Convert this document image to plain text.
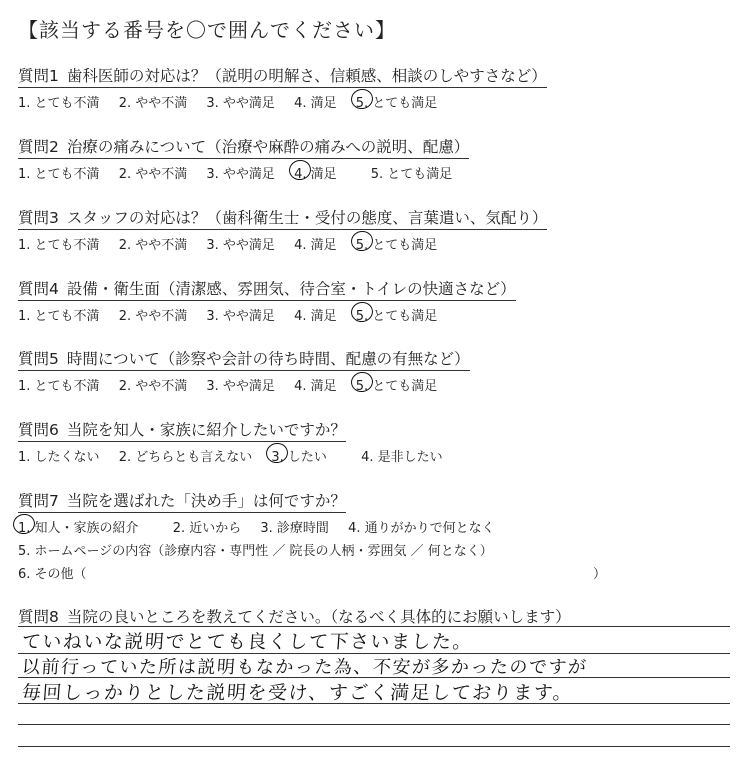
【該当する番号を〇で囲んでください】
質問1 歯科医師の対応は？（説明の明解さ、信頼感、相談のしやすさなど）
1. とても不満 2. やや不満 3. やや満足 4. 満足 5. とても満足
質問2 治療の痛みについて（治療や麻酔の痛みへの説明、配慮）
1. とても不満 2. やや不満 3. やや満足 4. 満足	5. とても満足
質問3 スタッフの対応は？（歯科衛生士・受付の態度、言葉遣い、気配り）
1. とても不満 2. やや不満 3. やや満足 4. 満足 5. とても満足
質問4 設備・衛生面（清潔感、雰囲気、待合室・トイレの快適さなど）
1. とても不満 2. やや不満 3. やや満足 4. 満足 5. とても満足
質問5 時間について（診察や会計の待ち時間、配慮の有無など）
1. とても不満 2. やや不満 3. やや満足 4. 満足 5. とても満足
質問6 当院を知人・家族に紹介したいですか？
1. したくない 2. どちらとも言えない 3. したい	4. 是非したい
質問7 当院を選ばれた「決め手」は何ですか？
1. 知人・家族の紹介	2. 近いから 3. 診療時間 4. 通りがかりで何となく
5. ホームページの内容（診療内容・専門性 ／ 院長の人柄・雰囲気 ／ 何となく）
6. その他（	）
質問8 当院の良いところを教えてください。（なるべく具体的にお願いします）
ていねいな説明でとても良くして下さいました。
以前行っていた所は説明もなかった為、不安が多かったのですが
毎回しっかりとした説明を受け、すごく満足しております。
